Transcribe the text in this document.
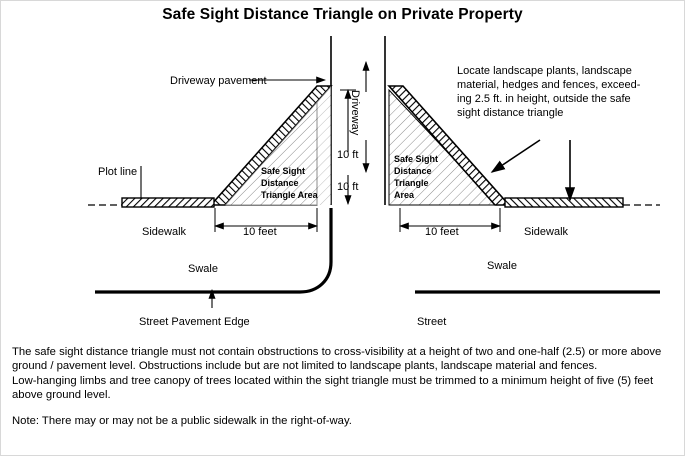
Safe Sight Distance Triangle on Private Property
Driveway pavement
Driveway
Plot line
Locate landscape plants, landscape
material, hedges and fences, exceed-
ing 2.5 ft. in height, outside the safe
sight distance triangle
Safe Sight
Distance
Triangle Area
Safe Sight
Distance
Triangle
Area
10 ft
10 ft
10 feet	10 feet
Sidewalk	Sidewalk
Swale	Swale
Street Pavement Edge	Street

The safe sight distance triangle must not contain obstructions to cross-visibility at a height of two and one-half (2.5) or more above ground / pavement level. Obstructions include but are not limited to landscape plants, landscape material and fences.

Low-hanging limbs and tree canopy of trees located within the sight triangle must be trimmed to a minimum height of five (5) feet above ground level.

Note: There may or may not be a public sidewalk in the right-of-way.
